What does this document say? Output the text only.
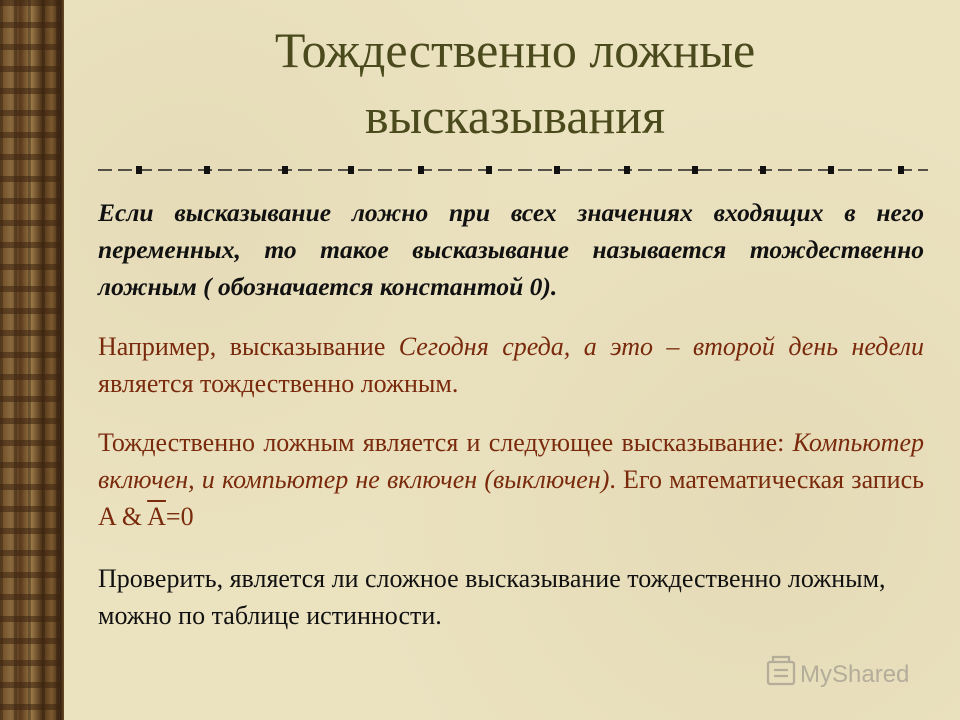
Тождественно ложные
высказывания
Если высказывание ложно при всех значениях входящих в него переменных, то такое высказывание называется тождественно ложным ( обозначается константой 0).
Например, высказывание Сегодня среда, а это – второй день недели является тождественно ложным.
Тождественно ложным является и следующее высказывание: Компьютер включен, и компьютер не включен (выключен). Его математическая запись A & $\overline{A}=0$
Проверить, является ли сложное высказывание тождественно ложным, можно по таблице истинности.
MyShared
